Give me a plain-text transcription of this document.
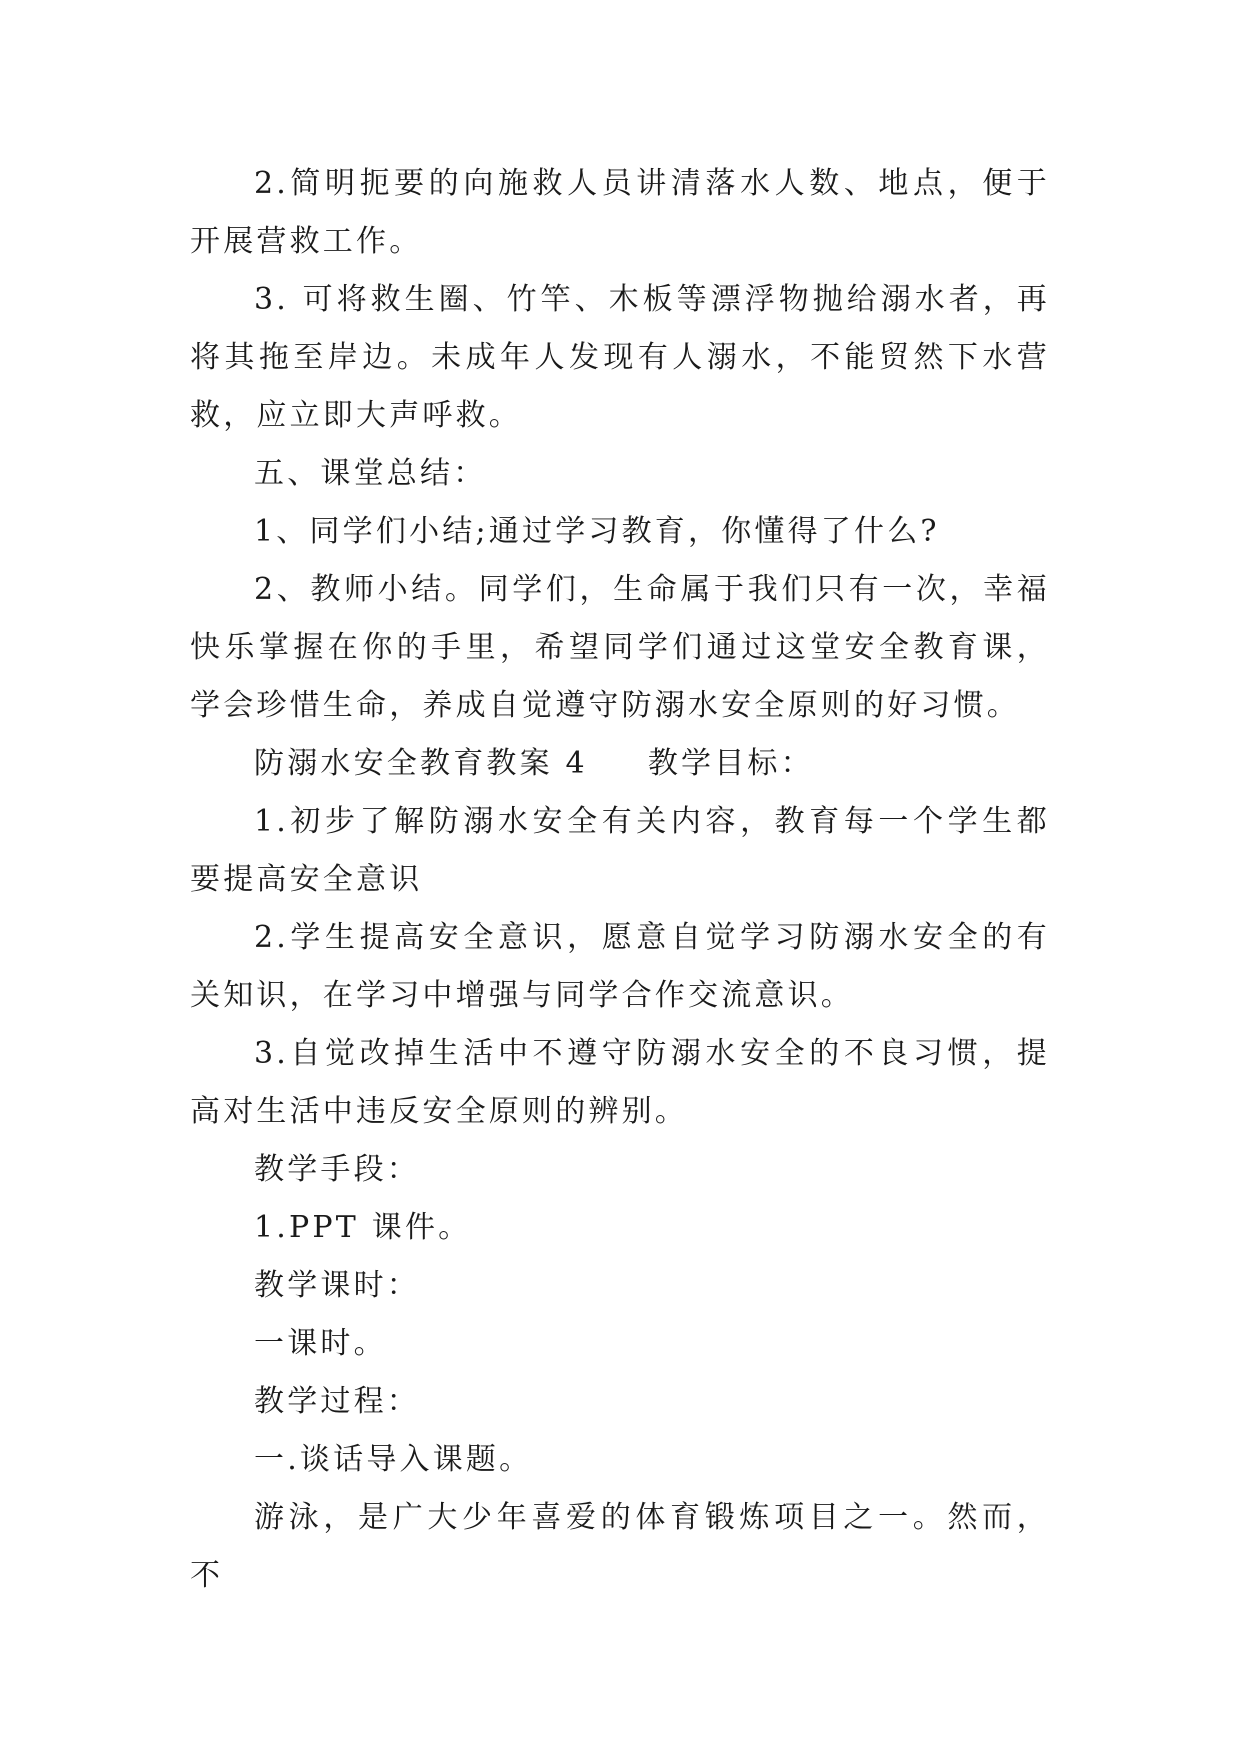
2.简明扼要的向施救人员讲清落水人数、地点，便于开展营救工作。

3. 可将救生圈、竹竿、木板等漂浮物抛给溺水者，再将其拖至岸边。未成年人发现有人溺水，不能贸然下水营救，应立即大声呼救。

五、课堂总结：

1、同学们小结;通过学习教育，你懂得了什么?

2、教师小结。同学们，生命属于我们只有一次，幸福快乐掌握在你的手里，希望同学们通过这堂安全教育课，学会珍惜生命，养成自觉遵守防溺水安全原则的好习惯。

防溺水安全教育教案 4 教学目标：

1.初步了解防溺水安全有关内容，教育每一个学生都要提高安全意识

2.学生提高安全意识，愿意自觉学习防溺水安全的有关知识，在学习中增强与同学合作交流意识。

3.自觉改掉生活中不遵守防溺水安全的不良习惯，提高对生活中违反安全原则的辨别。

教学手段：

1.PPT 课件。

教学课时：

一课时。

教学过程：

一.谈话导入课题。

游泳，是广大少年喜爱的体育锻炼项目之一。然而，不
